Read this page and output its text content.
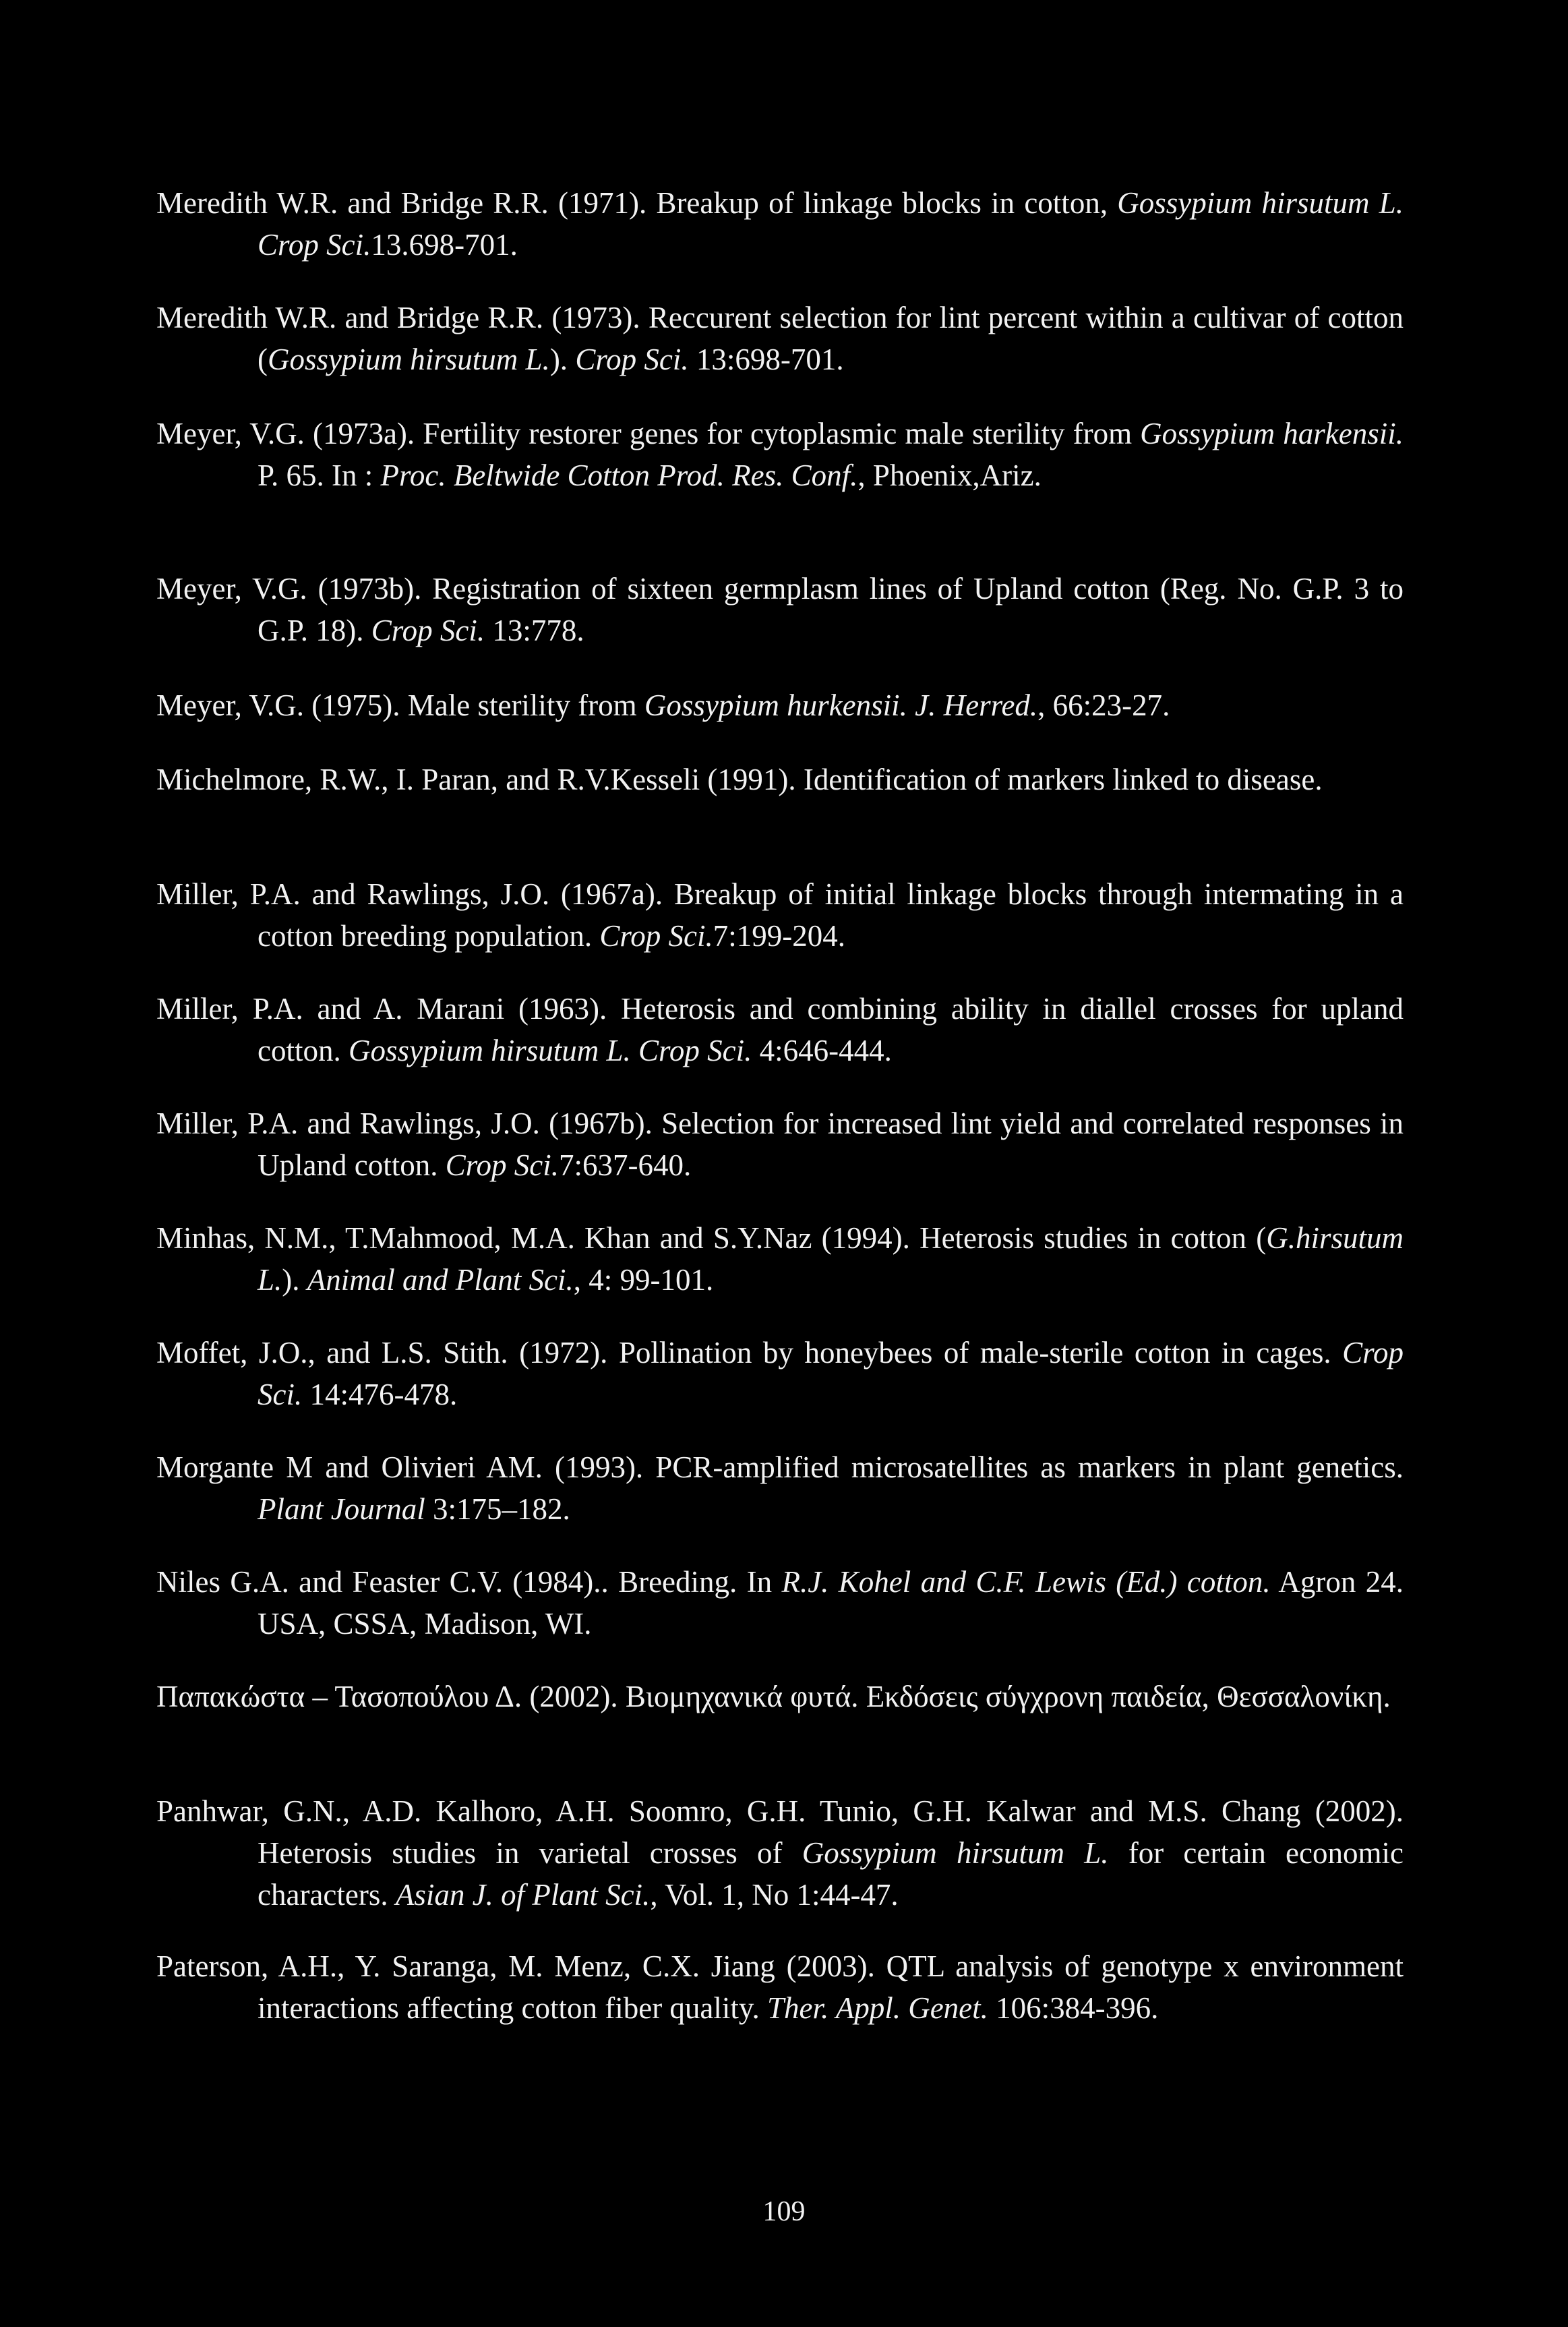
Meredith W.R. and Bridge R.R. (1971). Breakup of linkage blocks in cotton, Gossypium hirsutum L. Crop Sci.13.698-701.
Meredith W.R. and Bridge R.R. (1973). Reccurent selection for lint percent within a cultivar of cotton (Gossypium hirsutum L.). Crop Sci. 13:698-701.
Meyer, V.G. (1973a). Fertility restorer genes for cytoplasmic male sterility from Gossypium harkensii. P. 65. In : Proc. Beltwide Cotton Prod. Res. Conf., Phoenix,Ariz.
Meyer, V.G. (1973b). Registration of sixteen germplasm lines of Upland cotton (Reg. No. G.P. 3 to G.P. 18). Crop Sci. 13:778.
Meyer, V.G. (1975). Male sterility from Gossypium hurkensii. J. Herred., 66:23-27.
Michelmore, R.W., I. Paran, and R.V.Kesseli (1991). Identification of markers linked to disease.
Miller, P.A. and Rawlings, J.O. (1967a). Breakup of initial linkage blocks through intermating in a cotton breeding population. Crop Sci.7:199-204.
Miller, P.A. and A. Marani (1963). Heterosis and combining ability in diallel crosses for upland cotton. Gossypium hirsutum L. Crop Sci. 4:646-444.
Miller, P.A. and Rawlings, J.O. (1967b). Selection for increased lint yield and correlated responses in Upland cotton. Crop Sci.7:637-640.
Minhas, N.M., T.Mahmood, M.A. Khan and S.Y.Naz (1994). Heterosis studies in cotton (G.hirsutum L.). Animal and Plant Sci., 4: 99-101.
Moffet, J.O., and L.S. Stith. (1972). Pollination by honeybees of male-sterile cotton in cages. Crop Sci. 14:476-478.
Morgante M and Olivieri AM. (1993). PCR-amplified microsatellites as markers in plant genetics. Plant Journal 3:175–182.
Niles G.A. and Feaster C.V. (1984).. Breeding. In R.J. Kohel and C.F. Lewis (Ed.) cotton. Agron 24. USA, CSSA, Madison, WI.
Παπακώστα – Τασοπούλου Δ. (2002). Βιομηχανικά φυτά. Εκδόσεις σύγχρονη παιδεία, Θεσσαλονίκη.
Panhwar, G.N., A.D. Kalhoro, A.H. Soomro, G.H. Tunio, G.H. Kalwar and M.S. Chang (2002). Heterosis studies in varietal crosses of Gossypium hirsutum L. for certain economic characters. Asian J. of Plant Sci., Vol. 1, No 1:44-47.
Paterson, A.H., Y. Saranga, M. Menz, C.X. Jiang (2003). QTL analysis of genotype x environment interactions affecting cotton fiber quality. Ther. Appl. Genet. 106:384-396.
109
